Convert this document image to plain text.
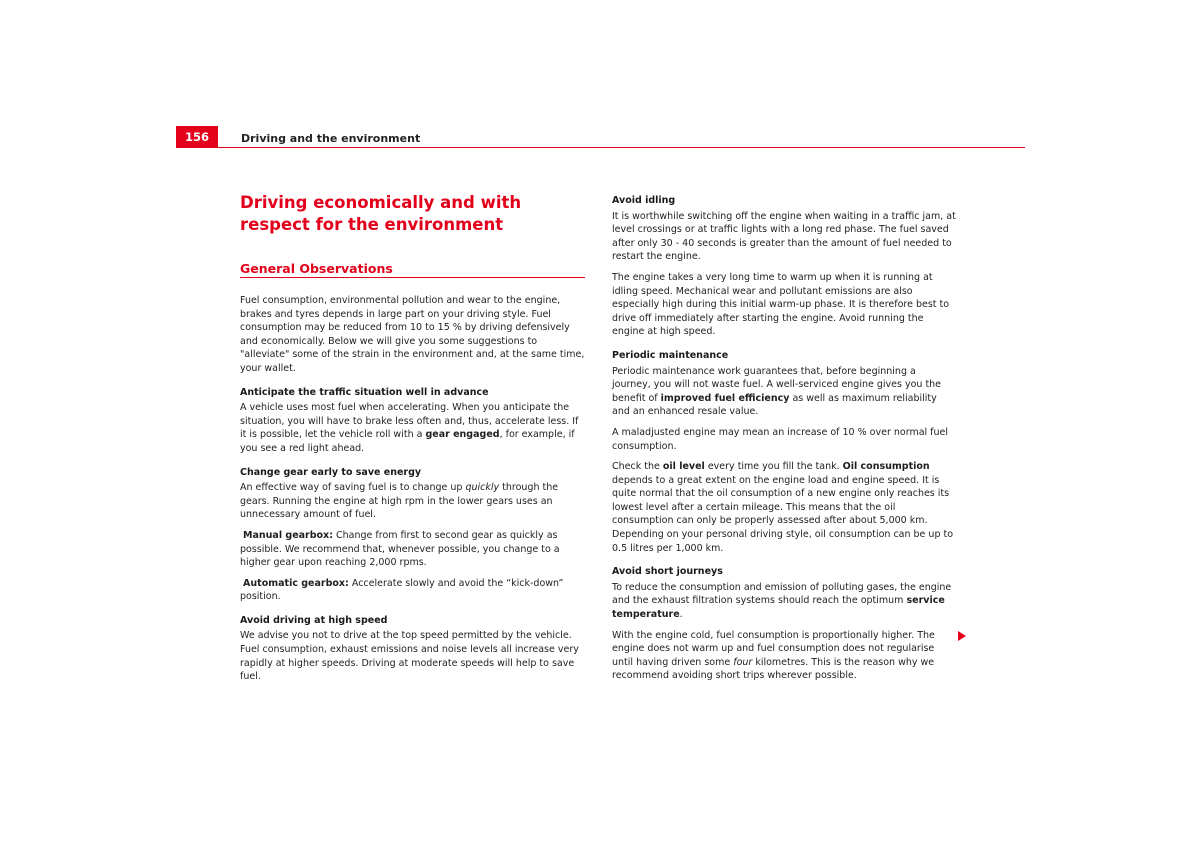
156	Driving and the environment
Driving economically and with respect for the environment
General Observations

Fuel consumption, environmental pollution and wear to the engine, brakes and tyres depends in large part on your driving style. Fuel consumption may be reduced from 10 to 15 % by driving defensively and economically. Below we will give you some suggestions to "alleviate" some of the strain in the environment and, at the same time, your wallet.

Anticipate the traffic situation well in advance

A vehicle uses most fuel when accelerating. When you anticipate the situation, you will have to brake less often and, thus, accelerate less. If it is possible, let the vehicle roll with a gear engaged, for example, if you see a red light ahead.

Change gear early to save energy

An effective way of saving fuel is to change up quickly through the gears. Running the engine at high rpm in the lower gears uses an unnecessary amount of fuel.

Manual gearbox: Change from first to second gear as quickly as possible. We recommend that, whenever possible, you change to a higher gear upon reaching 2,000 rpms.

Automatic gearbox: Accelerate slowly and avoid the “kick-down” position.

Avoid driving at high speed

We advise you not to drive at the top speed permitted by the vehicle. Fuel consumption, exhaust emissions and noise levels all increase very rapidly at higher speeds. Driving at moderate speeds will help to save fuel.

Avoid idling

It is worthwhile switching off the engine when waiting in a traffic jam, at level crossings or at traffic lights with a long red phase. The fuel saved after only 30 - 40 seconds is greater than the amount of fuel needed to restart the engine.

The engine takes a very long time to warm up when it is running at idling speed. Mechanical wear and pollutant emissions are also especially high during this initial warm-up phase. It is therefore best to drive off immediately after starting the engine. Avoid running the engine at high speed.

Periodic maintenance

Periodic maintenance work guarantees that, before beginning a journey, you will not waste fuel. A well-serviced engine gives you the benefit of improved fuel efficiency as well as maximum reliability and an enhanced resale value.

A maladjusted engine may mean an increase of 10 % over normal fuel consumption.

Check the oil level every time you fill the tank. Oil consumption depends to a great extent on the engine load and engine speed. It is quite normal that the oil consumption of a new engine only reaches its lowest level after a certain mileage. This means that the oil consumption can only be properly assessed after about 5,000 km. Depending on your personal driving style, oil consumption can be up to 0.5 litres per 1,000 km.

Avoid short journeys

To reduce the consumption and emission of polluting gases, the engine and the exhaust filtration systems should reach the optimum service temperature.

With the engine cold, fuel consumption is proportionally higher. The engine does not warm up and fuel consumption does not regularise until having driven some four kilometres. This is the reason why we recommend avoiding short trips wherever possible.
